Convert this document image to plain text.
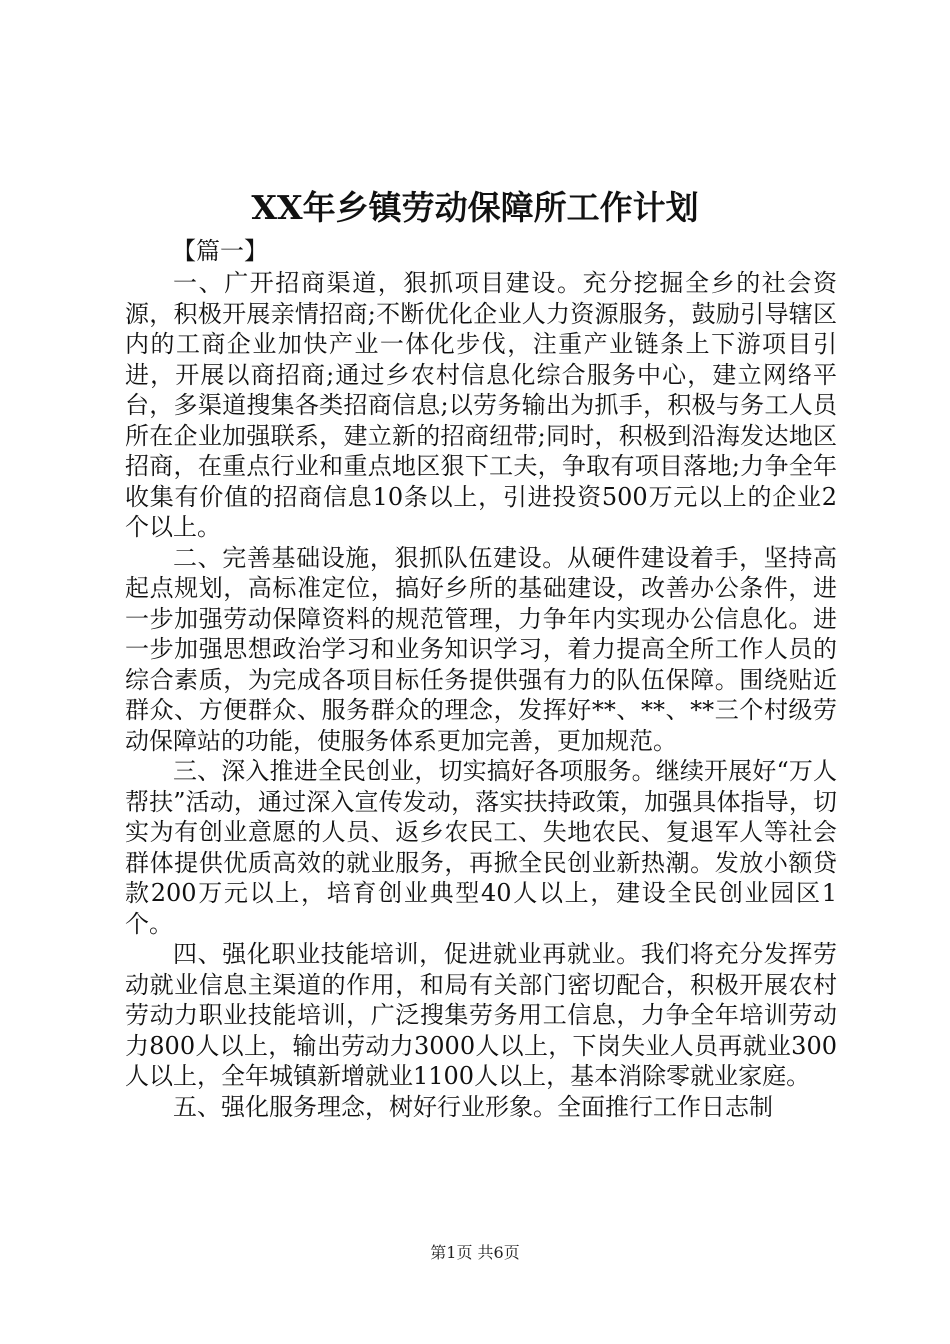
XX年乡镇劳动保障所工作计划
【篇一】

一、广开招商渠道，狠抓项目建设。充分挖掘全乡的社会资源，积极开展亲情招商;不断优化企业人力资源服务，鼓励引导辖区内的工商企业加快产业一体化步伐，注重产业链条上下游项目引进，开展以商招商;通过乡农村信息化综合服务中心，建立网络平台，多渠道搜集各类招商信息;以劳务输出为抓手，积极与务工人员所在企业加强联系，建立新的招商纽带;同时，积极到沿海发达地区招商，在重点行业和重点地区狠下工夫，争取有项目落地;力争全年收集有价值的招商信息10条以上，引进投资500万元以上的企业2个以上。

二、完善基础设施，狠抓队伍建设。从硬件建设着手，坚持高起点规划，高标准定位，搞好乡所的基础建设，改善办公条件，进一步加强劳动保障资料的规范管理，力争年内实现办公信息化。进一步加强思想政治学习和业务知识学习，着力提高全所工作人员的综合素质，为完成各项目标任务提供强有力的队伍保障。围绕贴近群众、方便群众、服务群众的理念，发挥好**、**、**三个村级劳动保障站的功能，使服务体系更加完善，更加规范。

三、深入推进全民创业，切实搞好各项服务。继续开展好“万人帮扶”活动，通过深入宣传发动，落实扶持政策，加强具体指导，切实为有创业意愿的人员、返乡农民工、失地农民、复退军人等社会群体提供优质高效的就业服务，再掀全民创业新热潮。发放小额贷款200万元以上，培育创业典型40人以上，建设全民创业园区1个。

四、强化职业技能培训，促进就业再就业。我们将充分发挥劳动就业信息主渠道的作用，和局有关部门密切配合，积极开展农村劳动力职业技能培训，广泛搜集劳务用工信息，力争全年培训劳动力800人以上，输出劳动力3000人以上，下岗失业人员再就业300人以上，全年城镇新增就业1100人以上，基本消除零就业家庭。

五、强化服务理念，树好行业形象。全面推行工作日志制

第1页 共6页
